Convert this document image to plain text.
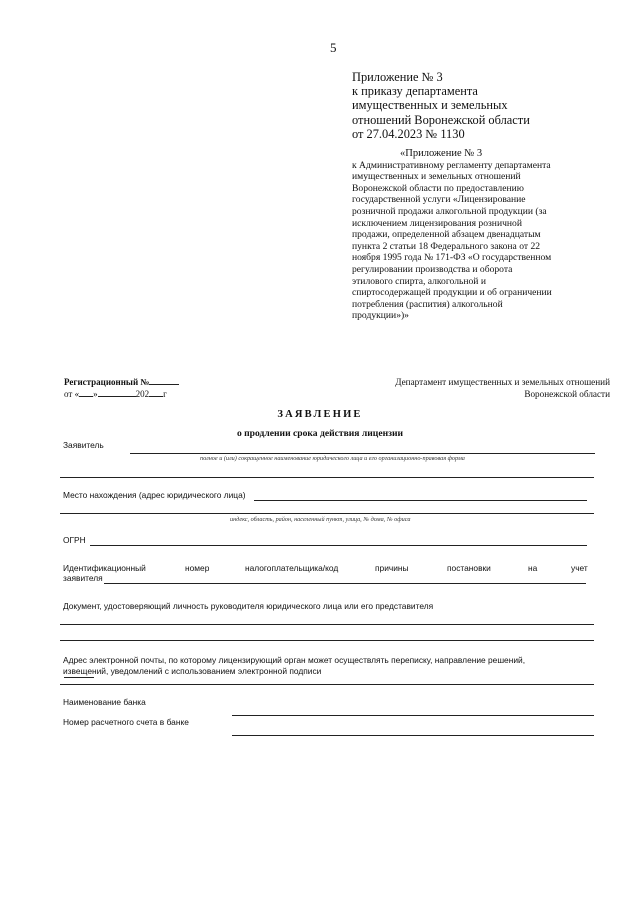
5
Приложение № 3
к приказу департамента
имущественных и земельных
отношений Воронежской области
от 27.04.2023 № 1130
«Приложение № 3
к Административному регламенту департамента
имущественных и земельных отношений
Воронежской области по предоставлению
государственной услуги «Лицензирование
розничной продажи алкогольной продукции (за
исключением лицензирования розничной
продажи, определенной абзацем двенадцатым
пункта 2 статьи 18 Федерального закона от 22
ноября 1995 года № 171-ФЗ «О государственном
регулировании производства и оборота
этилового спирта, алкогольной и
спиртосодержащей продукции и об ограничении
потребления (распития) алкогольной
продукции»)»
Регистрационный №
от « »	202 г
Департамент имущественных и земельных отношений
Воронежской области
ЗАЯВЛЕНИЕ
о продлении срока действия лицензии
Заявитель
полное и (или) сокращенное наименование юридического лица и его организационно-правовая форма
Место нахождения (адрес юридического лица)
индекс, область, район, населенный пункт, улица, № дома, № офиса
ОГРН
Идентификационный	номер	налогоплательщика/код	причины	постановки	на	учет
заявителя
Документ, удостоверяющий личность руководителя юридического лица или его представителя
Адрес электронной почты, по которому лицензирующий орган может осуществлять переписку, направление решений,
извещений, уведомлений с использованием электронной подписи
Наименование банка
Номер расчетного счета в банке
